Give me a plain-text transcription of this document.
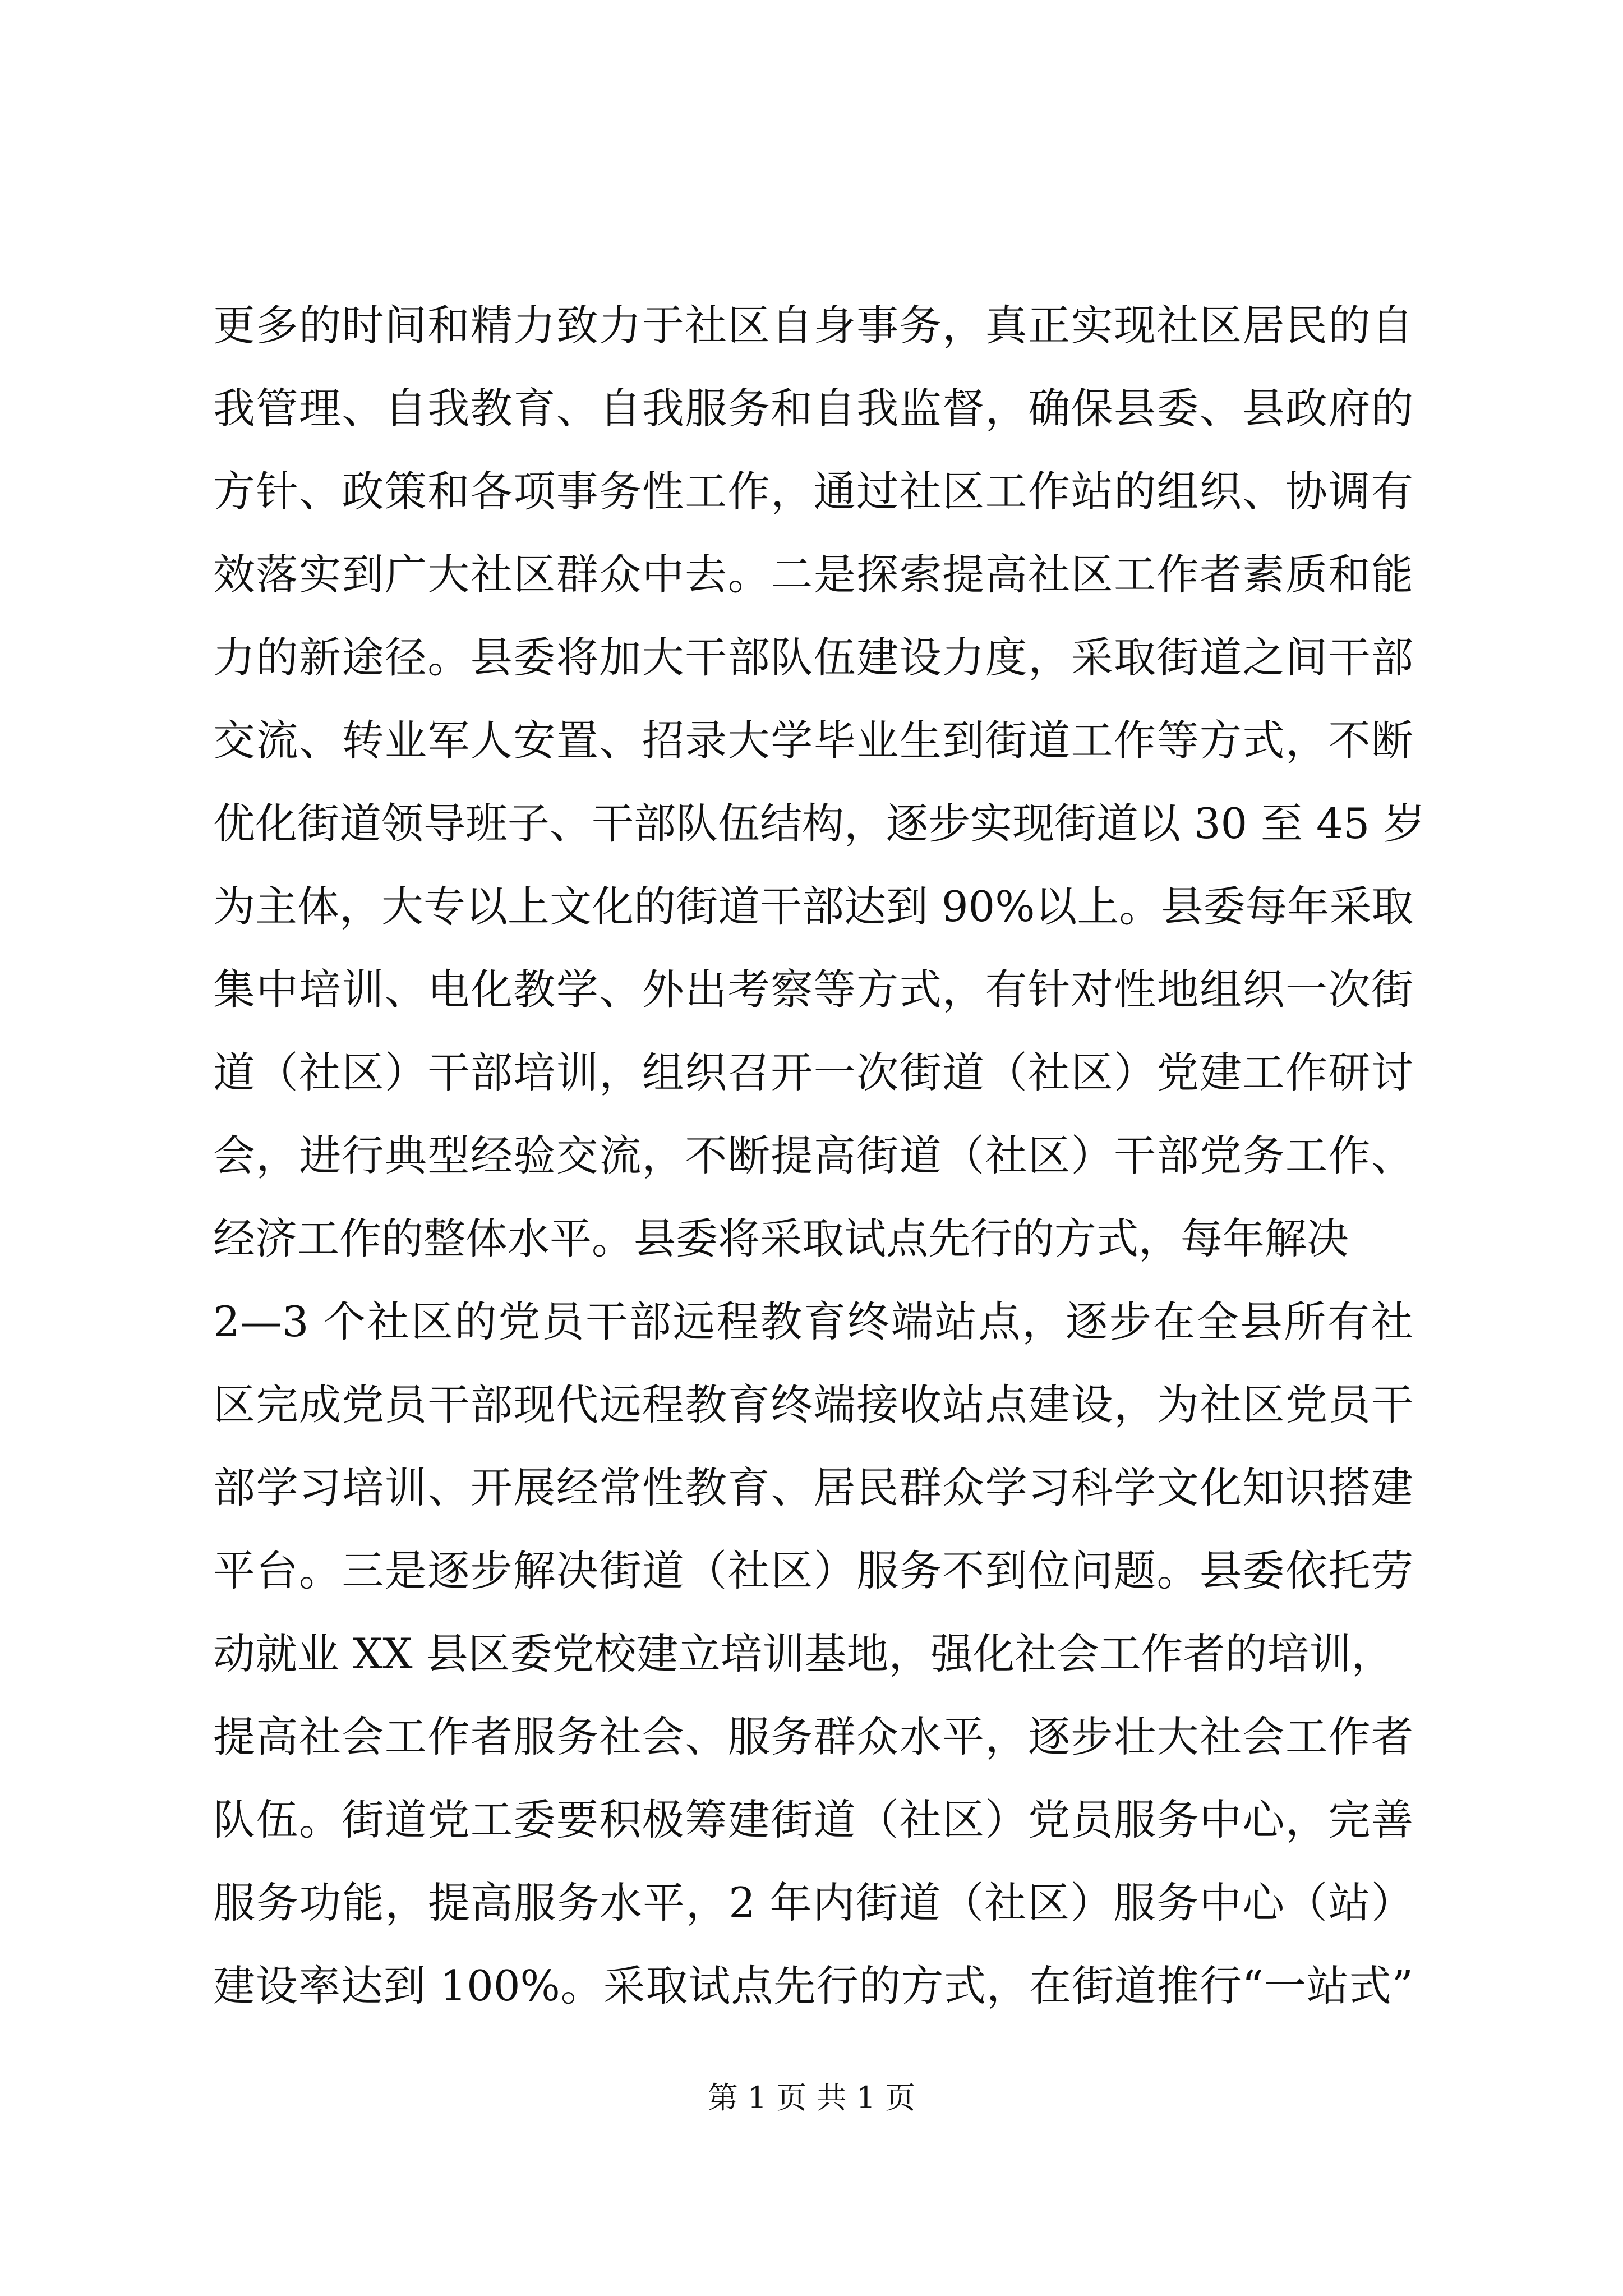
更多的时间和精力致力于社区自身事务，真正实现社区居民的自
我管理、自我教育、自我服务和自我监督，确保县委、县政府的
方针、政策和各项事务性工作，通过社区工作站的组织、协调有
效落实到广大社区群众中去。二是探索提高社区工作者素质和能
力的新途径。县委将加大干部队伍建设力度，采取街道之间干部
交流、转业军人安置、招录大学毕业生到街道工作等方式，不断
优化街道领导班子、干部队伍结构，逐步实现街道以 30 至 45 岁
为主体，大专以上文化的街道干部达到 90%以上。县委每年采取
集中培训、电化教学、外出考察等方式，有针对性地组织一次街
道（社区）干部培训，组织召开一次街道（社区）党建工作研讨
会，进行典型经验交流，不断提高街道（社区）干部党务工作、
经济工作的整体水平。县委将采取试点先行的方式，每年解决
2—3 个社区的党员干部远程教育终端站点，逐步在全县所有社
区完成党员干部现代远程教育终端接收站点建设，为社区党员干
部学习培训、开展经常性教育、居民群众学习科学文化知识搭建
平台。三是逐步解决街道（社区）服务不到位问题。县委依托劳
动就业 XX 县区委党校建立培训基地，强化社会工作者的培训，
提高社会工作者服务社会、服务群众水平，逐步壮大社会工作者
队伍。街道党工委要积极筹建街道（社区）党员服务中心，完善
服务功能，提高服务水平，2 年内街道（社区）服务中心（站）
建设率达到 100%。采取试点先行的方式，在街道推行“一站式”
第 1 页 共 1 页
